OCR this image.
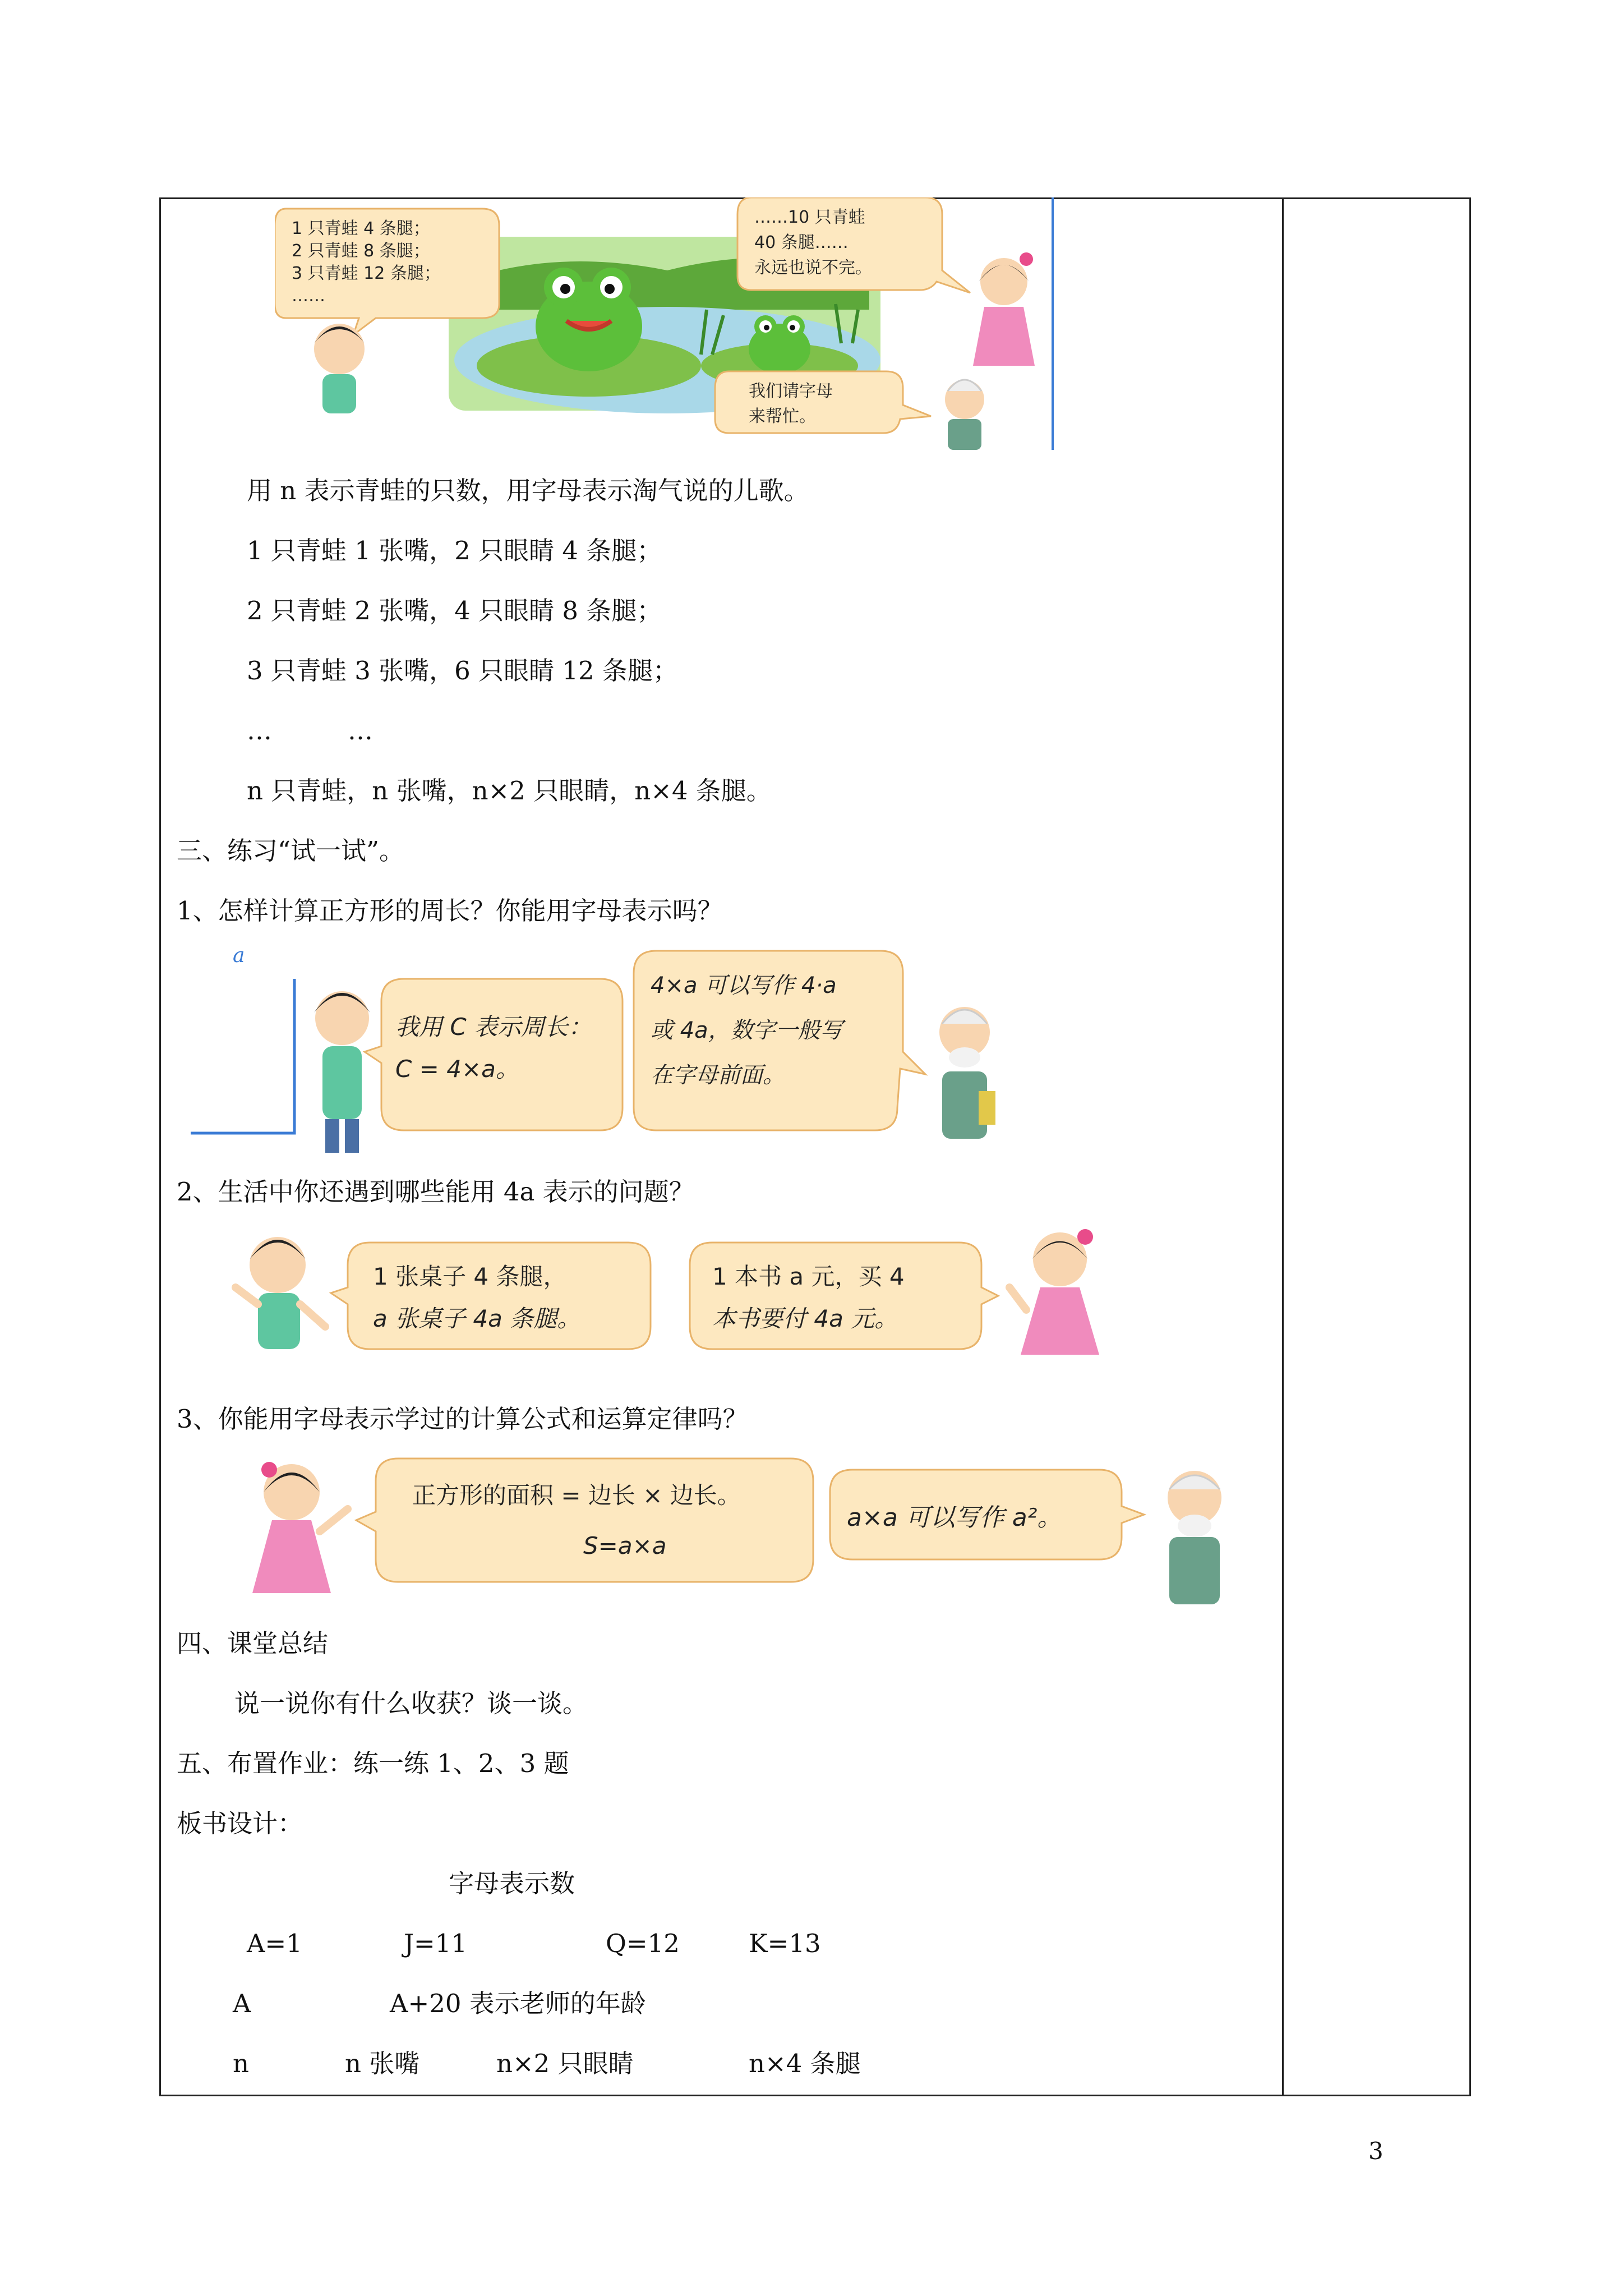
1 只青蛙 4 条腿；
2 只青蛙 8 条腿；
3 只青蛙 12 条腿；
……
……10 只青蛙
40 条腿……
永远也说不完。
我们请字母
来帮忙。
用 n 表示青蛙的只数，用字母表示淘气说的儿歌。
1 只青蛙 1 张嘴，2 只眼睛 4 条腿；
2 只青蛙 2 张嘴，4 只眼睛 8 条腿；
3 只青蛙 3 张嘴，6 只眼睛 12 条腿；
…	…
n 只青蛙，n 张嘴，n×2 只眼睛，n×4 条腿。
三、练习“试一试”。
1、怎样计算正方形的周长？你能用字母表示吗？
a
我用 C 表示周长：
C = 4×a。
4×a 可以写作 4·a
或 4a，数字一般写
在字母前面。
2、生活中你还遇到哪些能用 4a 表示的问题？
1 张桌子 4 条腿，
a 张桌子 4a 条腿。
1 本书 a 元，买 4
本书要付 4a 元。
3、你能用字母表示学过的计算公式和运算定律吗？
正方形的面积 = 边长 × 边长。
S=a×a
a×a 可以写作 a²。
四、课堂总结
说一说你有什么收获？谈一谈。
五、布置作业：练一练 1、2、3 题
板书设计：
字母表示数
A=1	J=11	Q=12	K=13
A	A+20 表示老师的年龄
n	n 张嘴	n×2 只眼睛	n×4 条腿
3
